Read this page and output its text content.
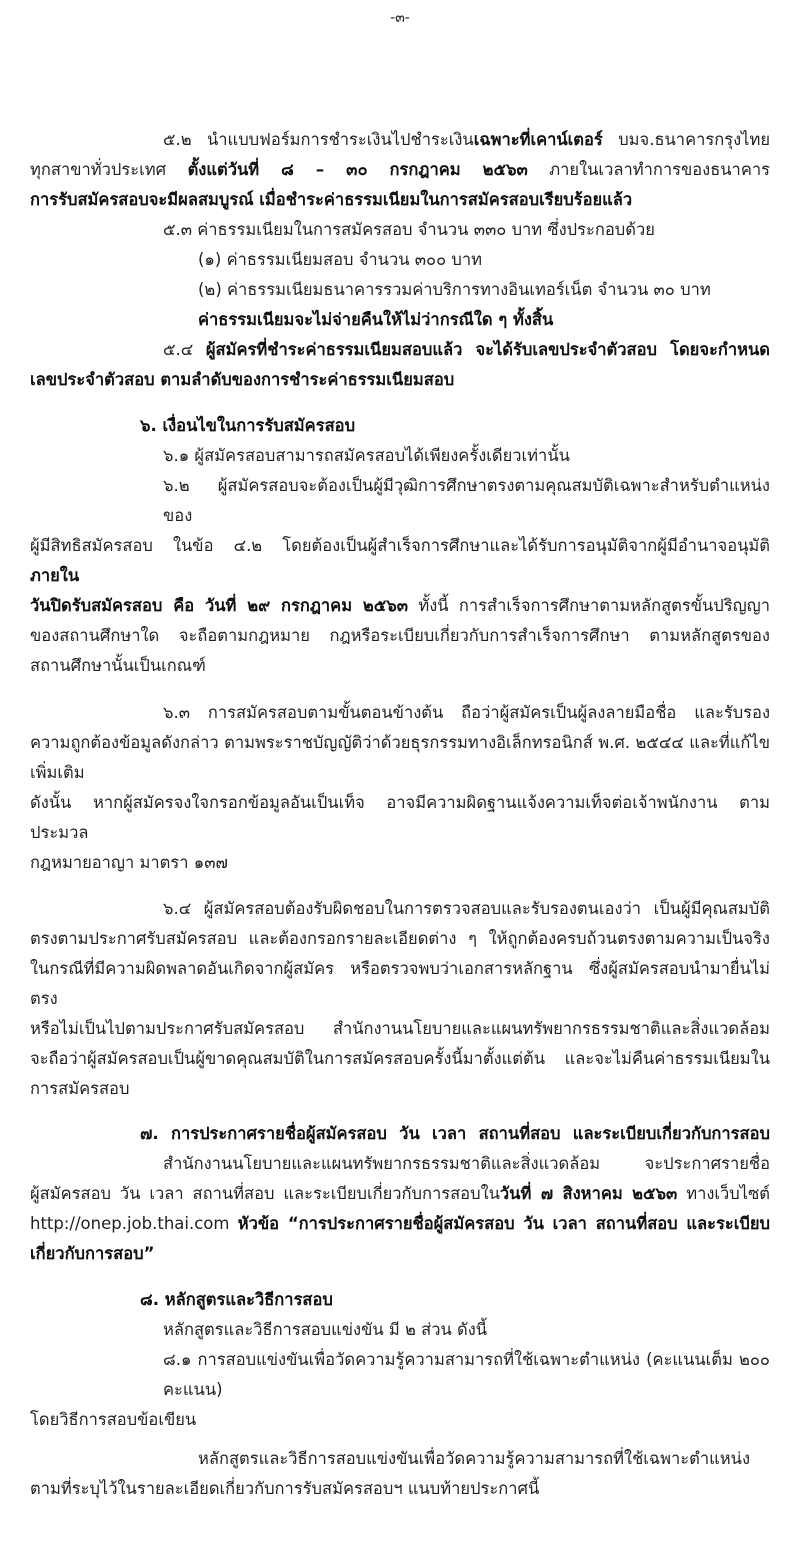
-๓-
๕.๒ นำแบบฟอร์มการชำระเงินไปชำระเงินเฉพาะที่เคาน์เตอร์ บมจ.ธนาคารกรุงไทย
ทุกสาขาทั่วประเทศ ตั้งแต่วันที่ ๘ – ๓๐ กรกฎาคม ๒๕๖๓ ภายในเวลาทำการของธนาคาร
การรับสมัครสอบจะมีผลสมบูรณ์ เมื่อชำระค่าธรรมเนียมในการสมัครสอบเรียบร้อยแล้ว
๕.๓ ค่าธรรมเนียมในการสมัครสอบ จำนวน ๓๓๐ บาท ซึ่งประกอบด้วย
(๑) ค่าธรรมเนียมสอบ จำนวน ๓๐๐ บาท
(๒) ค่าธรรมเนียมธนาคารรวมค่าบริการทางอินเทอร์เน็ต จำนวน ๓๐ บาท
ค่าธรรมเนียมจะไม่จ่ายคืนให้ไม่ว่ากรณีใด ๆ ทั้งสิ้น
๕.๔ ผู้สมัครที่ชำระค่าธรรมเนียมสอบแล้ว จะได้รับเลขประจำตัวสอบ โดยจะกำหนด
เลขประจำตัวสอบ ตามลำดับของการชำระค่าธรรมเนียมสอบ
๖. เงื่อนไขในการรับสมัครสอบ
๖.๑ ผู้สมัครสอบสามารถสมัครสอบได้เพียงครั้งเดียวเท่านั้น
๖.๒ ผู้สมัครสอบจะต้องเป็นผู้มีวุฒิการศึกษาตรงตามคุณสมบัติเฉพาะสำหรับตำแหน่งของ
ผู้มีสิทธิสมัครสอบ ในข้อ ๔.๒ โดยต้องเป็นผู้สำเร็จการศึกษาและได้รับการอนุมัติจากผู้มีอำนาจอนุมัติภายใน
วันปิดรับสมัครสอบ คือ วันที่ ๒๙ กรกฎาคม ๒๕๖๓ ทั้งนี้ การสำเร็จการศึกษาตามหลักสูตรขั้นปริญญา
ของสถานศึกษาใด จะถือตามกฎหมาย กฎหรือระเบียบเกี่ยวกับการสำเร็จการศึกษา ตามหลักสูตรของ
สถานศึกษานั้นเป็นเกณฑ์
๖.๓ การสมัครสอบตามขั้นตอนข้างต้น ถือว่าผู้สมัครเป็นผู้ลงลายมือชื่อ และรับรอง
ความถูกต้องข้อมูลดังกล่าว ตามพระราชบัญญัติว่าด้วยธุรกรรมทางอิเล็กทรอนิกส์ พ.ศ. ๒๕๔๔ และที่แก้ไขเพิ่มเติม
ดังนั้น หากผู้สมัครจงใจกรอกข้อมูลอันเป็นเท็จ อาจมีความผิดฐานแจ้งความเท็จต่อเจ้าพนักงาน ตามประมวล
กฎหมายอาญา มาตรา ๑๓๗
๖.๔ ผู้สมัครสอบต้องรับผิดชอบในการตรวจสอบและรับรองตนเองว่า เป็นผู้มีคุณสมบัติ
ตรงตามประกาศรับสมัครสอบ และต้องกรอกรายละเอียดต่าง ๆ ให้ถูกต้องครบถ้วนตรงตามความเป็นจริง
ในกรณีที่มีความผิดพลาดอันเกิดจากผู้สมัคร หรือตรวจพบว่าเอกสารหลักฐาน ซึ่งผู้สมัครสอบนำมายื่นไม่ตรง
หรือไม่เป็นไปตามประกาศรับสมัครสอบ สำนักงานนโยบายและแผนทรัพยากรธรรมชาติและสิ่งแวดล้อม
จะถือว่าผู้สมัครสอบเป็นผู้ขาดคุณสมบัติในการสมัครสอบครั้งนี้มาตั้งแต่ต้น และจะไม่คืนค่าธรรมเนียมใน
การสมัครสอบ
๗. การประกาศรายชื่อผู้สมัครสอบ วัน เวลา สถานที่สอบ และระเบียบเกี่ยวกับการสอบ
สำนักงานนโยบายและแผนทรัพยากรธรรมชาติและสิ่งแวดล้อม จะประกาศรายชื่อ
ผู้สมัครสอบ วัน เวลา สถานที่สอบ และระเบียบเกี่ยวกับการสอบในวันที่ ๗ สิงหาคม ๒๕๖๓ ทางเว็บไซต์
http://onep.job.thai.com หัวข้อ “การประกาศรายชื่อผู้สมัครสอบ วัน เวลา สถานที่สอบ และระเบียบ
เกี่ยวกับการสอบ”
๘. หลักสูตรและวิธีการสอบ
หลักสูตรและวิธีการสอบแข่งขัน มี ๒ ส่วน ดังนี้
๘.๑ การสอบแข่งขันเพื่อวัดความรู้ความสามารถที่ใช้เฉพาะตำแหน่ง (คะแนนเต็ม ๒๐๐ คะแนน)
โดยวิธีการสอบข้อเขียน
หลักสูตรและวิธีการสอบแข่งขันเพื่อวัดความรู้ความสามารถที่ใช้เฉพาะตำแหน่ง
ตามที่ระบุไว้ในรายละเอียดเกี่ยวกับการรับสมัครสอบฯ แนบท้ายประกาศนี้
